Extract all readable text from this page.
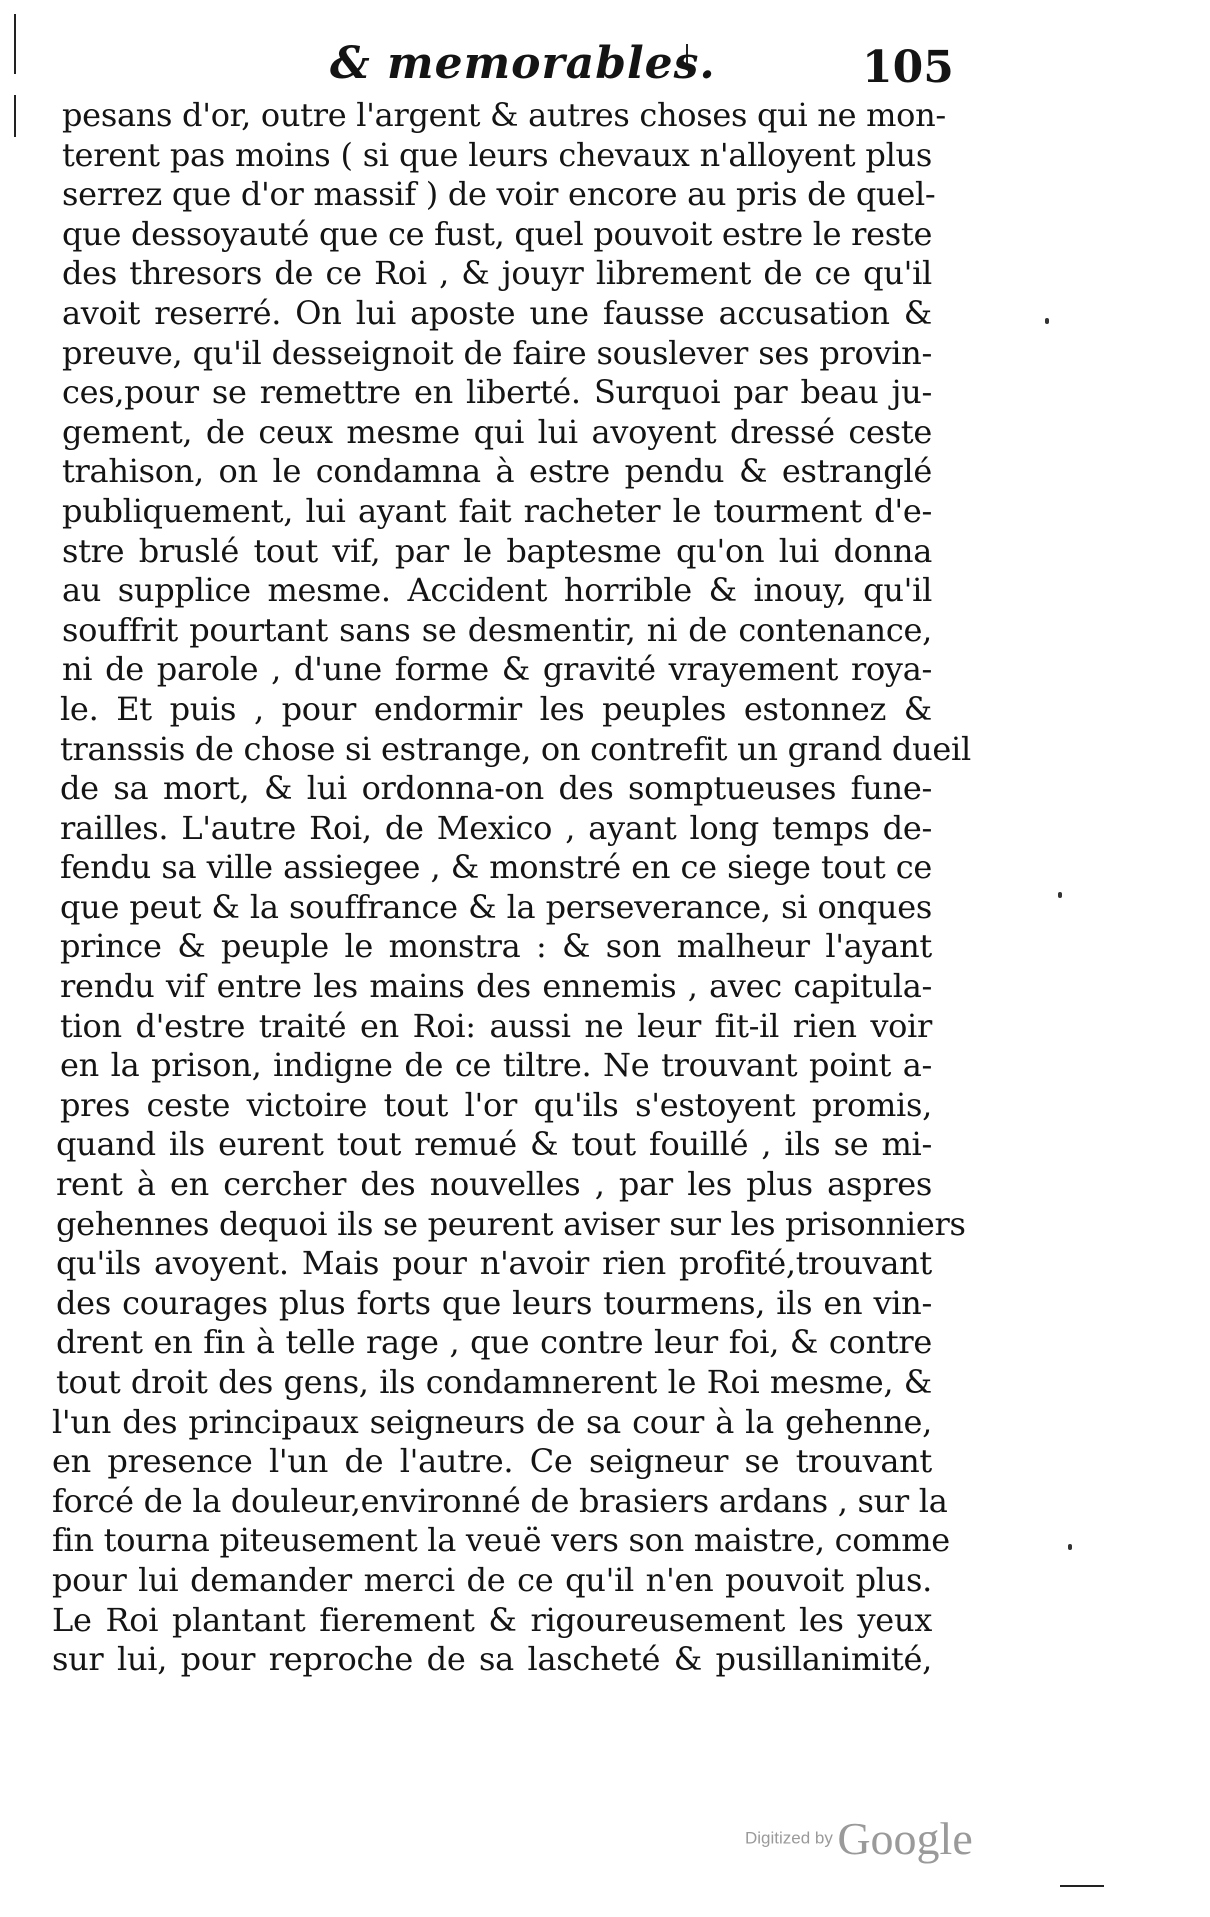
& memorables.	105
pesans d'or, outre l'argent & autres choses qui ne mon-
terent pas moins ( si que leurs chevaux n'alloyent plus
serrez que d'or massif ) de voir encore au pris de quel-
que dessoyauté que ce fust, quel pouvoit estre le reste
des thresors de ce Roi , & jouyr librement de ce qu'il
avoit reserré. On lui aposte une fausse accusation &
preuve, qu'il desseignoit de faire souslever ses provin-
ces,pour se remettre en liberté. Surquoi par beau ju-
gement, de ceux mesme qui lui avoyent dressé ceste
trahison, on le condamna à estre pendu & estranglé
publiquement, lui ayant fait racheter le tourment d'e-
stre bruslé tout vif, par le baptesme qu'on lui donna
au supplice mesme. Accident horrible & inouy, qu'il
souffrit pourtant sans se desmentir, ni de contenance,
ni de parole , d'une forme & gravité vrayement roya-
le. Et puis , pour endormir les peuples estonnez &
transsis de chose si estrange, on contrefit un grand dueil
de sa mort, & lui ordonna-on des somptueuses fune-
railles. L'autre Roi, de Mexico , ayant long temps de-
fendu sa ville assiegee , & monstré en ce siege tout ce
que peut & la souffrance & la perseverance, si onques
prince & peuple le monstra : & son malheur l'ayant
rendu vif entre les mains des ennemis , avec capitula-
tion d'estre traité en Roi: aussi ne leur fit-il rien voir
en la prison, indigne de ce tiltre. Ne trouvant point a-
pres ceste victoire tout l'or qu'ils s'estoyent promis,
quand ils eurent tout remué & tout fouillé , ils se mi-
rent à en cercher des nouvelles , par les plus aspres
gehennes dequoi ils se peurent aviser sur les prisonniers
qu'ils avoyent. Mais pour n'avoir rien profité,trouvant
des courages plus forts que leurs tourmens, ils en vin-
drent en fin à telle rage , que contre leur foi, & contre
tout droit des gens, ils condamnerent le Roi mesme, &
l'un des principaux seigneurs de sa cour à la gehenne,
en presence l'un de l'autre. Ce seigneur se trouvant
forcé de la douleur,environné de brasiers ardans , sur la
fin tourna piteusement la veuë vers son maistre, comme
pour lui demander merci de ce qu'il n'en pouvoit plus.
Le Roi plantant fierement & rigoureusement les yeux
sur lui, pour reproche de sa lascheté & pusillanimité,
Digitized by Google
